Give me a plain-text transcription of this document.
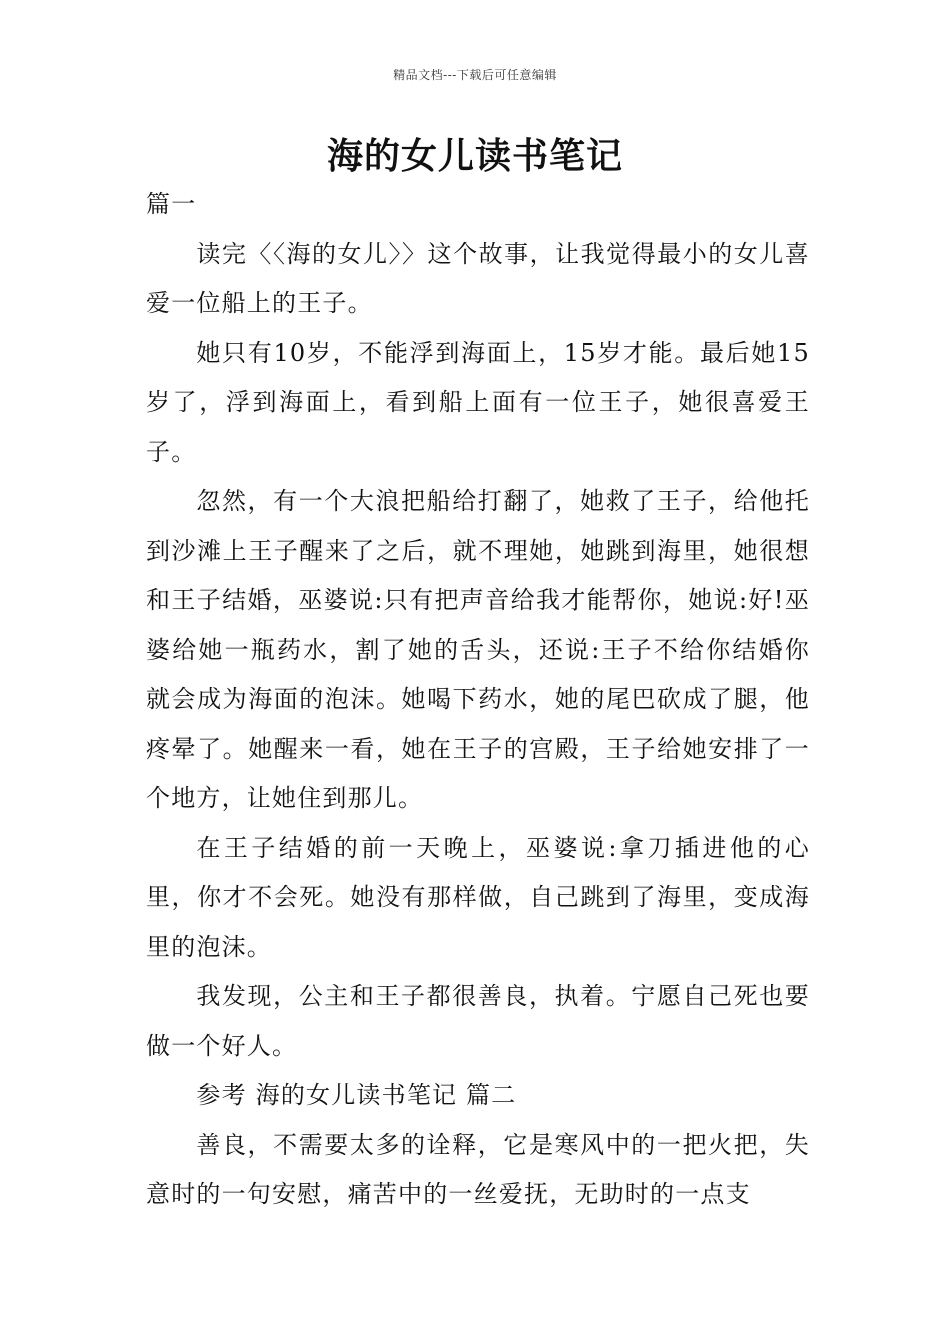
精品文档---下载后可任意编辑
海的女儿读书笔记

篇一

读完〈〈海的女儿〉〉这个故事，让我觉得最小的女儿喜爱一位船上的王子。

她只有10岁，不能浮到海面上，15岁才能。最后她15岁了，浮到海面上，看到船上面有一位王子，她很喜爱王子。

忽然，有一个大浪把船给打翻了，她救了王子，给他托到沙滩上王子醒来了之后，就不理她，她跳到海里，她很想和王子结婚，巫婆说:只有把声音给我才能帮你，她说:好!巫婆给她一瓶药水，割了她的舌头，还说:王子不给你结婚你就会成为海面的泡沫。她喝下药水，她的尾巴砍成了腿，他疼晕了。她醒来一看，她在王子的宫殿，王子给她安排了一个地方，让她住到那儿。

在王子结婚的前一天晚上，巫婆说:拿刀插进他的心里，你才不会死。她没有那样做，自己跳到了海里，变成海里的泡沫。

我发现，公主和王子都很善良，执着。宁愿自己死也要做一个好人。

参考 海的女儿读书笔记 篇二

善良，不需要太多的诠释，它是寒风中的一把火把，失意时的一句安慰，痛苦中的一丝爱抚，无助时的一点支
